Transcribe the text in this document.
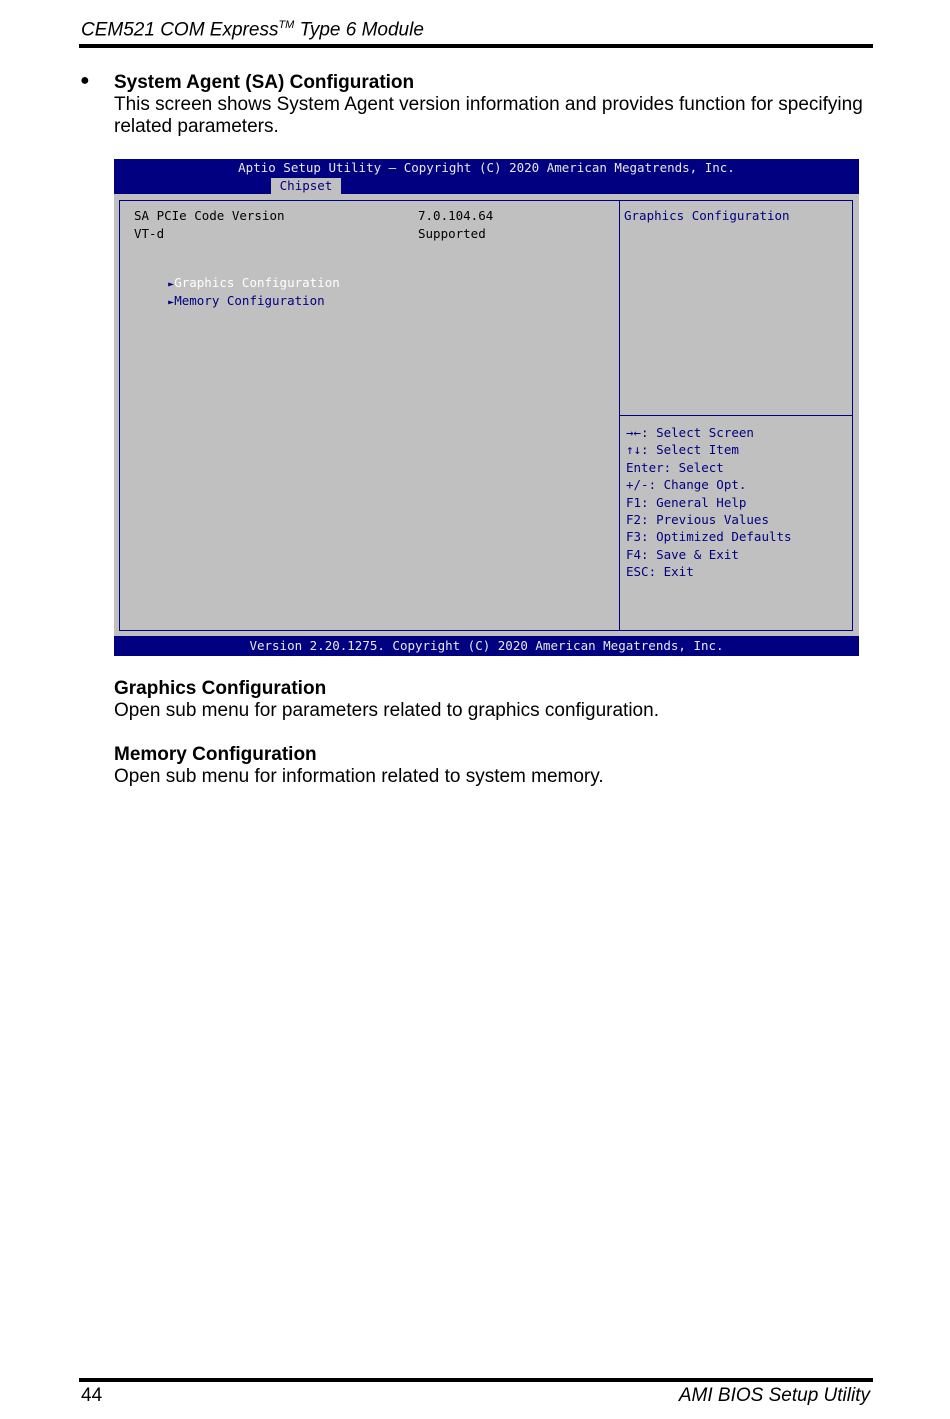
CEM521 COM Express™ Type 6 Module
● System Agent (SA) Configuration
This screen shows System Agent version information and provides function for specifying related parameters.
Aptio Setup Utility – Copyright (C) 2020 American Megatrends, Inc.
Chipset
SA PCIe Code Version	7.0.104.64
VT-d	Supported

►Graphics Configuration

►Memory Configuration

Graphics Configuration
→←: Select Screen
↑↓: Select Item
Enter: Select
+/-: Change Opt.
F1: General Help
F2: Previous Values
F3: Optimized Defaults
F4: Save & Exit
ESC: Exit
Version 2.20.1275. Copyright (C) 2020 American Megatrends, Inc.
Graphics Configuration
Open sub menu for parameters related to graphics configuration.
Memory Configuration
Open sub menu for information related to system memory.
44	AMI BIOS Setup Utility
